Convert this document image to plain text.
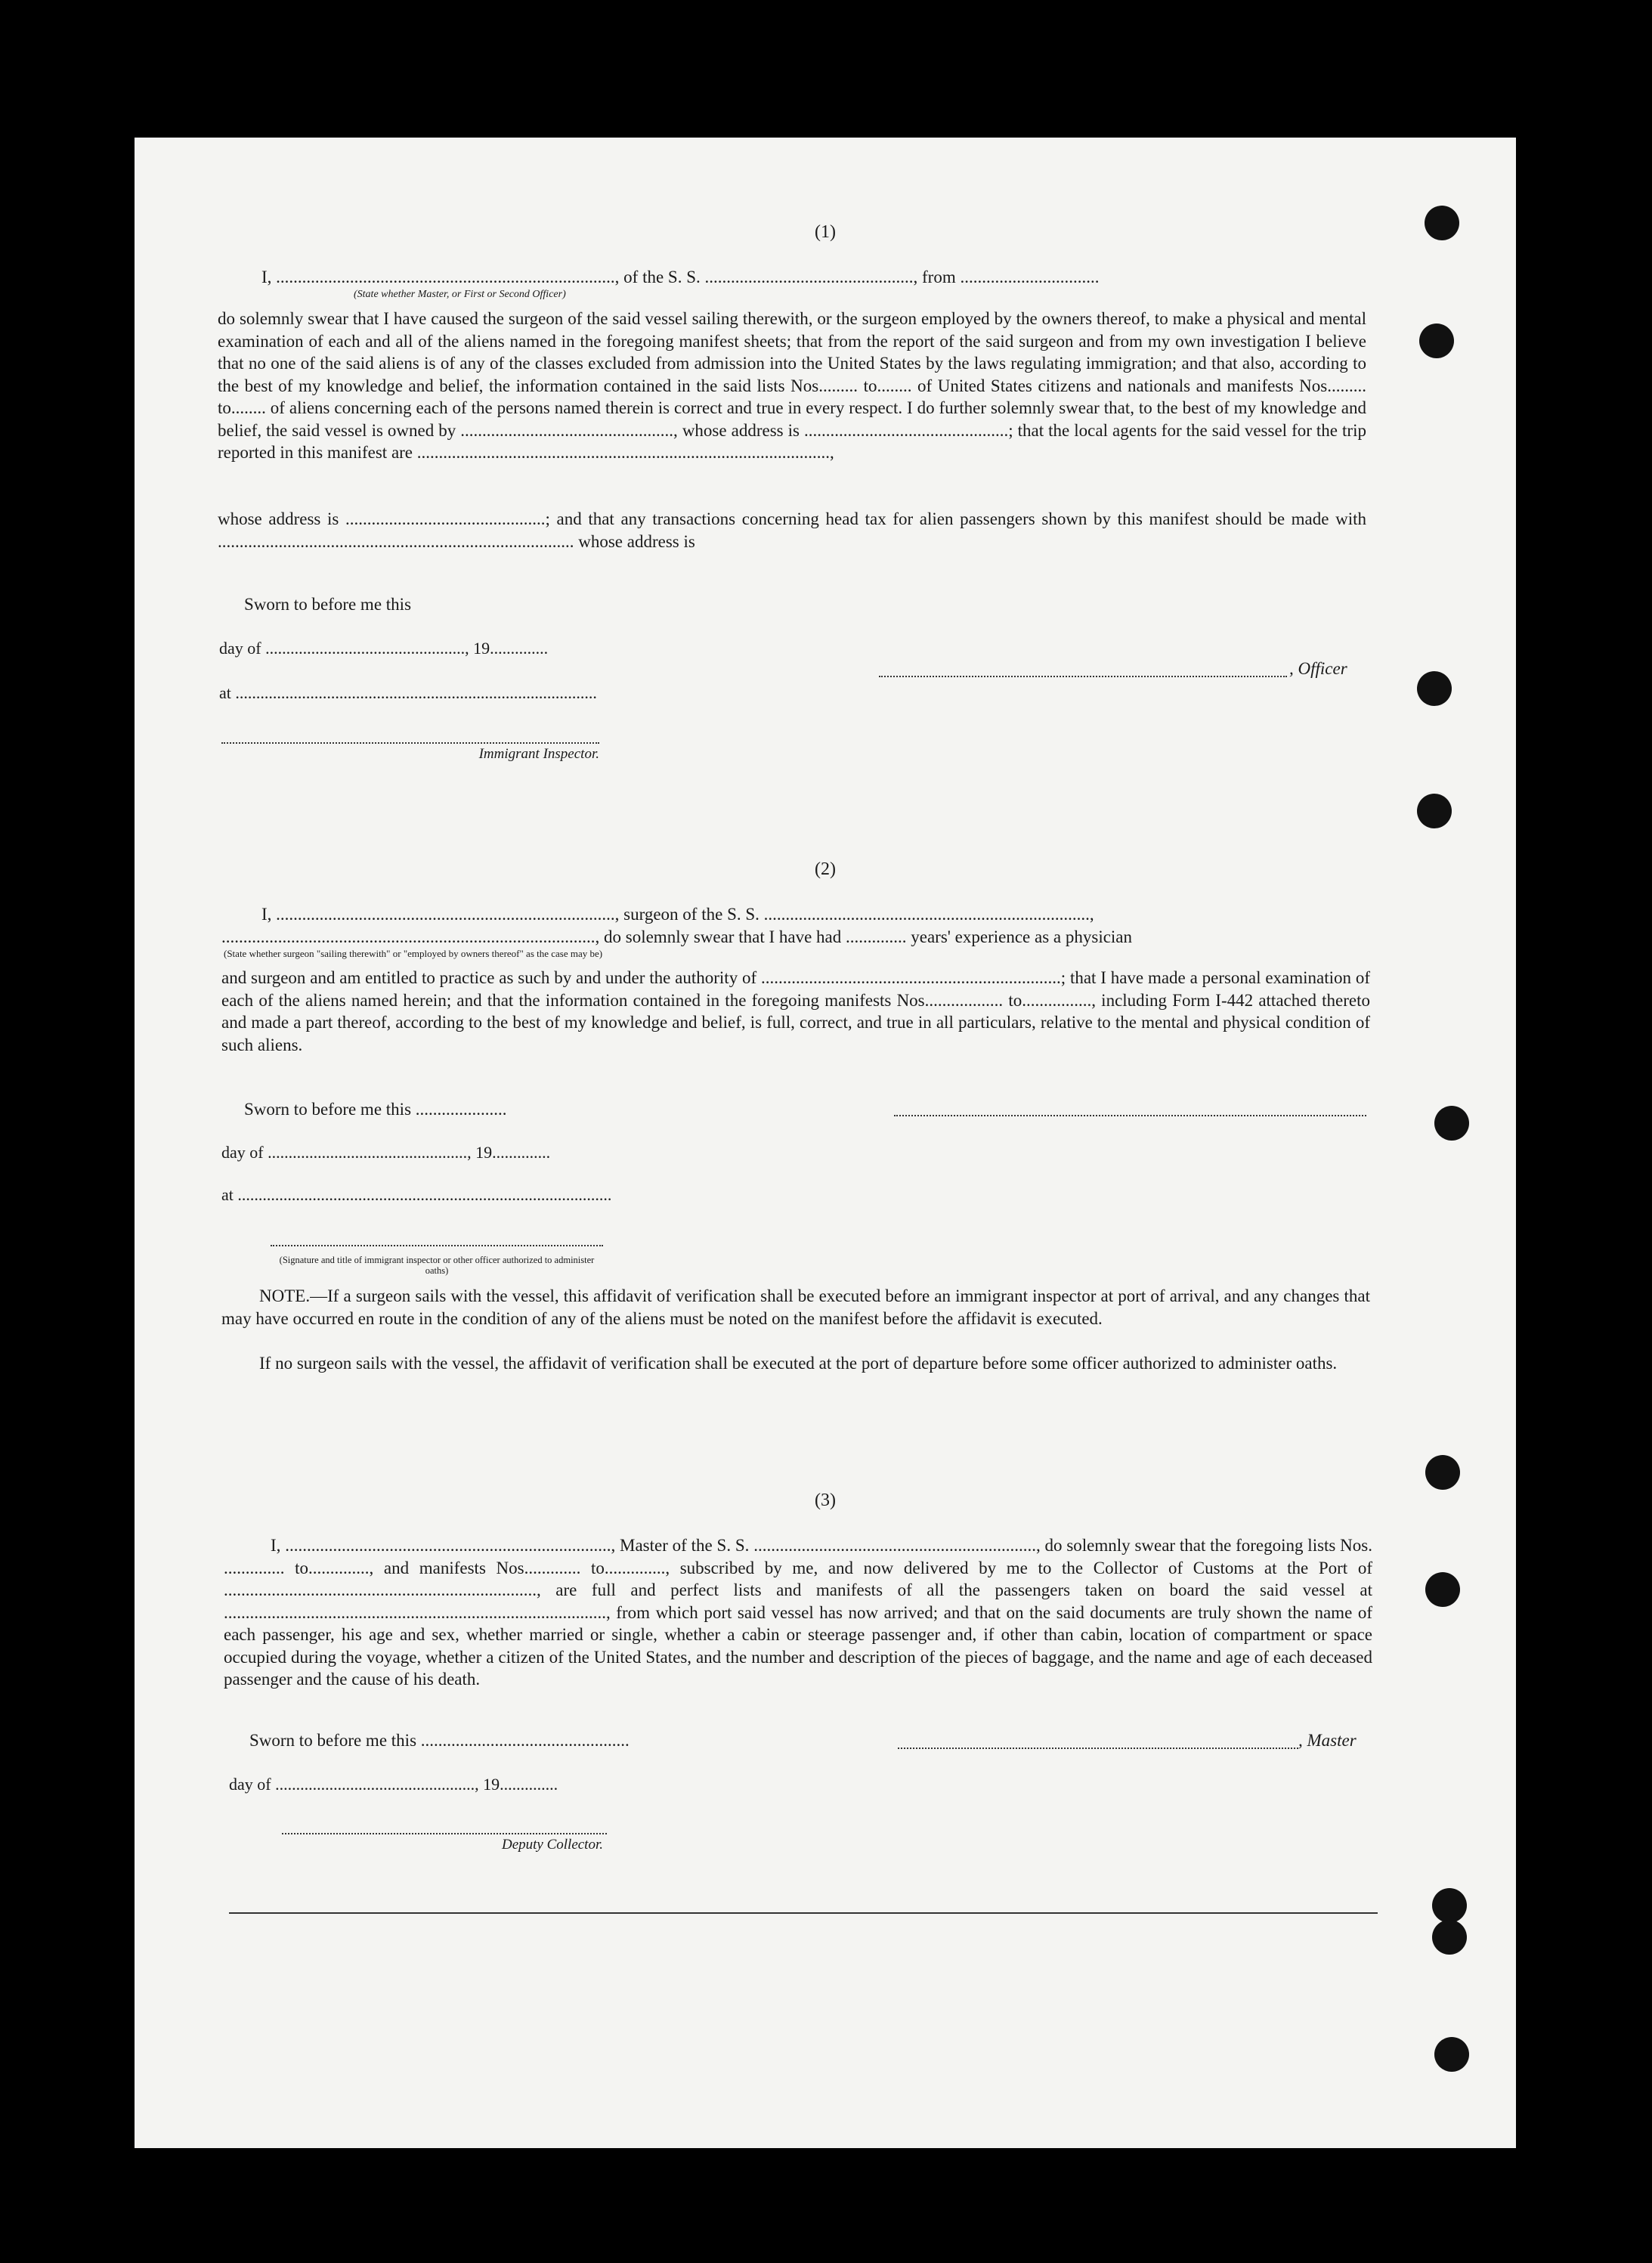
(1)
I, .............................................................................., of the S. S. ................................................, from ................................
(State whether Master, or First or Second Officer)
do solemnly swear that I have caused the surgeon of the said vessel sailing therewith, or the surgeon employed by the owners thereof, to make a physical and mental examination of each and all of the aliens named in the foregoing manifest sheets; that from the report of the said surgeon and from my own investigation I believe that no one of the said aliens is of any of the classes excluded from admission into the United States by the laws regulating immigration; and that also, according to the best of my knowledge and belief, the information contained in the said lists Nos......... to........ of United States citizens and nationals and manifests Nos......... to........ of aliens concerning each of the persons named therein is correct and true in every respect. I do further solemnly swear that, to the best of my knowledge and belief, the said vessel is owned by ................................................., whose address is ...............................................; that the local agents for the said vessel for the trip reported in this manifest are ...............................................................................................,
whose address is ..............................................; and that any transactions concerning head tax for alien passengers shown by this manifest should be made with .................................................................................. whose address is
Sworn to before me this
day of ................................................, 19..............
at .......................................................................................
Immigrant Inspector.
, Officer
(2)
I, .............................................................................., surgeon of the S. S. ...........................................................................,
......................................................................................, do solemnly swear that I have had .............. years' experience as a physician
(State whether surgeon "sailing therewith" or "employed by owners thereof" as the case may be)
and surgeon and am entitled to practice as such by and under the authority of .....................................................................; that I have made a personal examination of each of the aliens named herein; and that the information contained in the foregoing manifests Nos.................. to................, including Form I-442 attached thereto and made a part thereof, according to the best of my knowledge and belief, is full, correct, and true in all particulars, relative to the mental and physical condition of such aliens.
Sworn to before me this .....................
day of ................................................, 19..............
at ..........................................................................................
(Signature and title of immigrant inspector or other officer authorized to administer oaths)
NOTE.—If a surgeon sails with the vessel, this affidavit of verification shall be executed before an immigrant inspector at port of arrival, and any changes that may have occurred en route in the condition of any of the aliens must be noted on the manifest before the affidavit is executed.
If no surgeon sails with the vessel, the affidavit of verification shall be executed at the port of departure before some officer authorized to administer oaths.
(3)
I, ..........................................................................., Master of the S. S. ................................................................., do solemnly swear that the foregoing lists Nos. .............. to.............., and manifests Nos............. to.............., subscribed by me, and now delivered by me to the Collector of Customs at the Port of ........................................................................, are full and perfect lists and manifests of all the passengers taken on board the said vessel at ........................................................................................, from which port said vessel has now arrived; and that on the said documents are truly shown the name of each passenger, his age and sex, whether married or single, whether a cabin or steerage passenger and, if other than cabin, location of compartment or space occupied during the voyage, whether a citizen of the United States, and the number and description of the pieces of baggage, and the name and age of each deceased passenger and the cause of his death.
Sworn to before me this ................................................	, Master
day of ................................................, 19..............
Deputy Collector.
